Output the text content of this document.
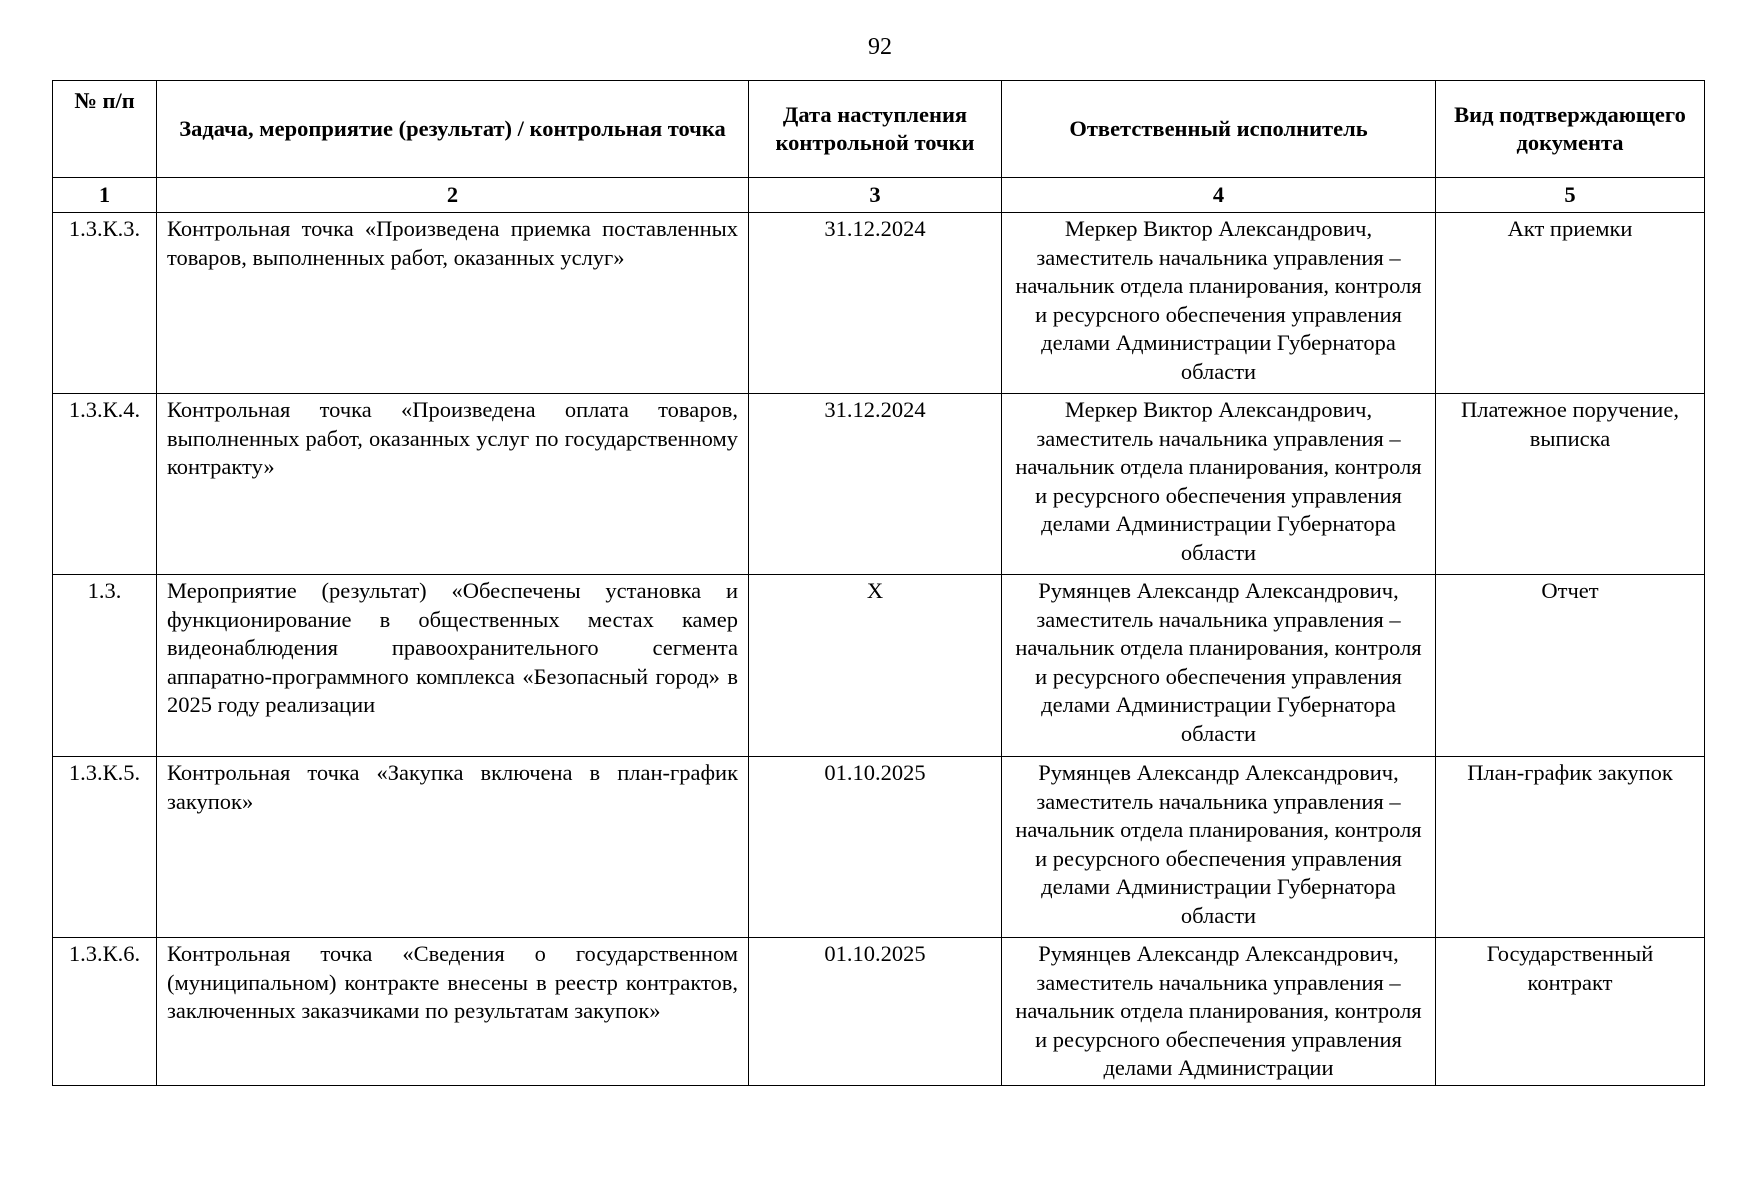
92
№ п/п	Задача, мероприятие (результат) / контрольная точка	Дата наступления контрольной точки	Ответственный исполнитель	Вид подтверждающего документа
1	2	3	4	5
1.3.К.3.	Контрольная точка «Произведена приемка поставленных товаров, выполненных работ, оказанных услуг»	31.12.2024	Меркер Виктор Александрович, заместитель начальника управления – начальник отдела планирования, контроля и ресурсного обеспечения управления делами Администрации Губернатора области	Акт приемки
1.3.К.4.	Контрольная точка «Произведена оплата товаров, выполненных работ, оказанных услуг по государственному контракту»	31.12.2024	Меркер Виктор Александрович, заместитель начальника управления – начальник отдела планирования, контроля и ресурсного обеспечения управления делами Администрации Губернатора области	Платежное поручение, выписка
1.3.	Мероприятие (результат) «Обеспечены установка и функционирование в общественных местах камер видеонаблюдения правоохранительного сегмента аппаратно-программного комплекса «Безопасный город» в 2025 году реализации	Х	Румянцев Александр Александрович, заместитель начальника управления – начальник отдела планирования, контроля и ресурсного обеспечения управления делами Администрации Губернатора области	Отчет
1.3.К.5.	Контрольная точка «Закупка включена в план-график закупок»	01.10.2025	Румянцев Александр Александрович, заместитель начальника управления – начальник отдела планирования, контроля и ресурсного обеспечения управления делами Администрации Губернатора области	План-график закупок
1.3.К.6.	Контрольная точка «Сведения о государственном (муниципальном) контракте внесены в реестр контрактов, заключенных заказчиками по результатам закупок»	01.10.2025	Румянцев Александр Александрович, заместитель начальника управления – начальник отдела планирования, контроля и ресурсного обеспечения управления делами Администрации	Государственный контракт
